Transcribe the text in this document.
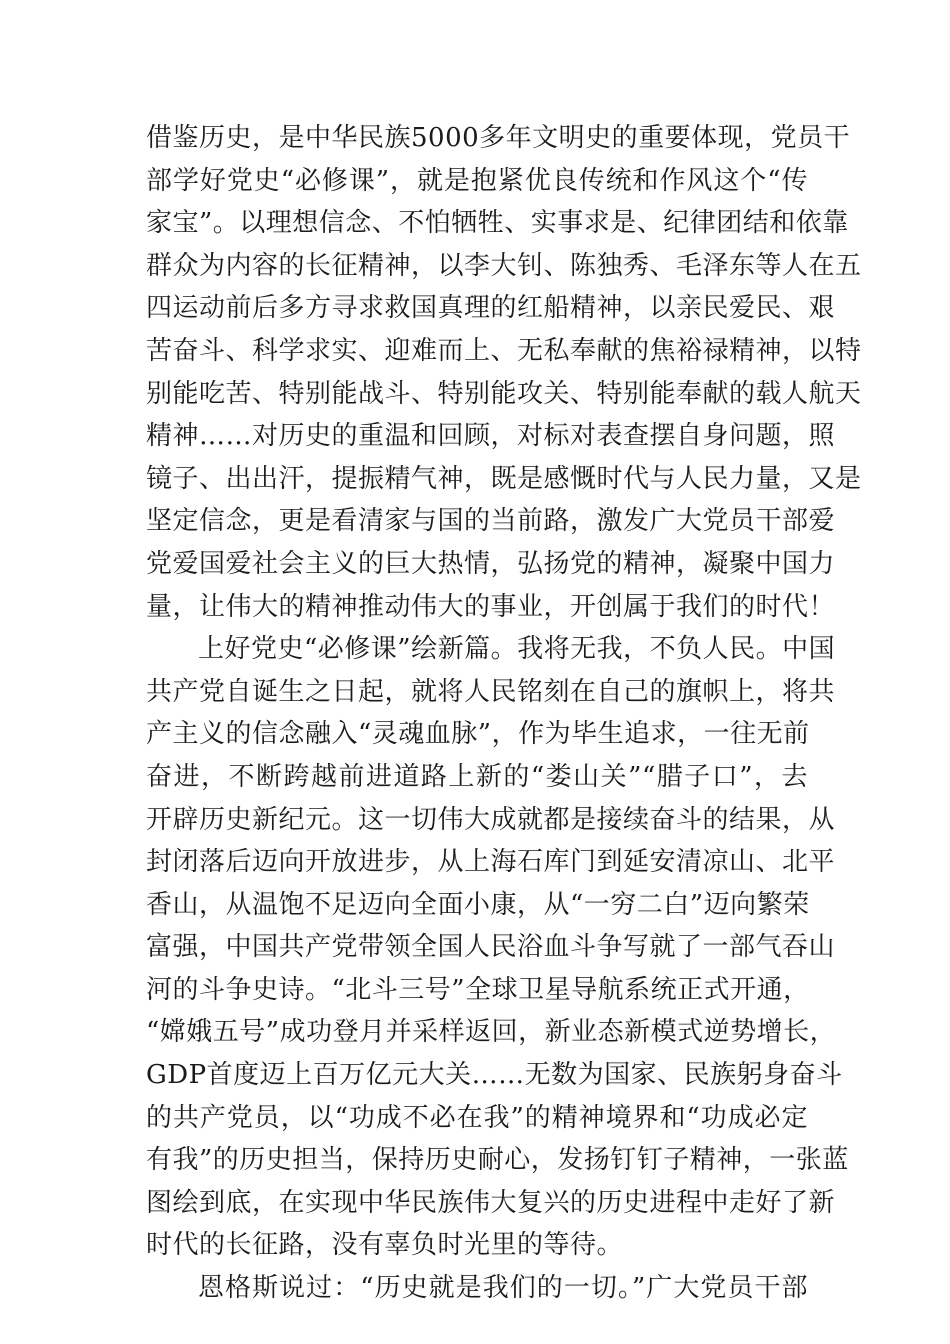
借鉴历史，是中华民族5000多年文明史的重要体现，党员干
部学好党史“必修课”，就是抱紧优良传统和作风这个“传
家宝”。以理想信念、不怕牺牲、实事求是、纪律团结和依靠
群众为内容的长征精神，以李大钊、陈独秀、毛泽东等人在五
四运动前后多方寻求救国真理的红船精神，以亲民爱民、艰
苦奋斗、科学求实、迎难而上、无私奉献的焦裕禄精神，以特
别能吃苦、特别能战斗、特别能攻关、特别能奉献的载人航天
精神……对历史的重温和回顾，对标对表查摆自身问题，照
镜子、出出汗，提振精气神，既是感慨时代与人民力量，又是
坚定信念，更是看清家与国的当前路，激发广大党员干部爱
党爱国爱社会主义的巨大热情，弘扬党的精神，凝聚中国力
量，让伟大的精神推动伟大的事业，开创属于我们的时代！
上好党史“必修课”绘新篇。我将无我，不负人民。中国
共产党自诞生之日起，就将人民铭刻在自己的旗帜上，将共
产主义的信念融入“灵魂血脉”，作为毕生追求，一往无前
奋进，不断跨越前进道路上新的“娄山关”“腊子口”，去
开辟历史新纪元。这一切伟大成就都是接续奋斗的结果，从
封闭落后迈向开放进步，从上海石库门到延安清凉山、北平
香山，从温饱不足迈向全面小康，从“一穷二白”迈向繁荣
富强，中国共产党带领全国人民浴血斗争写就了一部气吞山
河的斗争史诗。“北斗三号”全球卫星导航系统正式开通，
“嫦娥五号”成功登月并采样返回，新业态新模式逆势增长，
GDP首度迈上百万亿元大关……无数为国家、民族躬身奋斗
的共产党员，以“功成不必在我”的精神境界和“功成必定
有我”的历史担当，保持历史耐心，发扬钉钉子精神，一张蓝
图绘到底，在实现中华民族伟大复兴的历史进程中走好了新
时代的长征路，没有辜负时光里的等待。
恩格斯说过：“历史就是我们的一切。”广大党员干部
